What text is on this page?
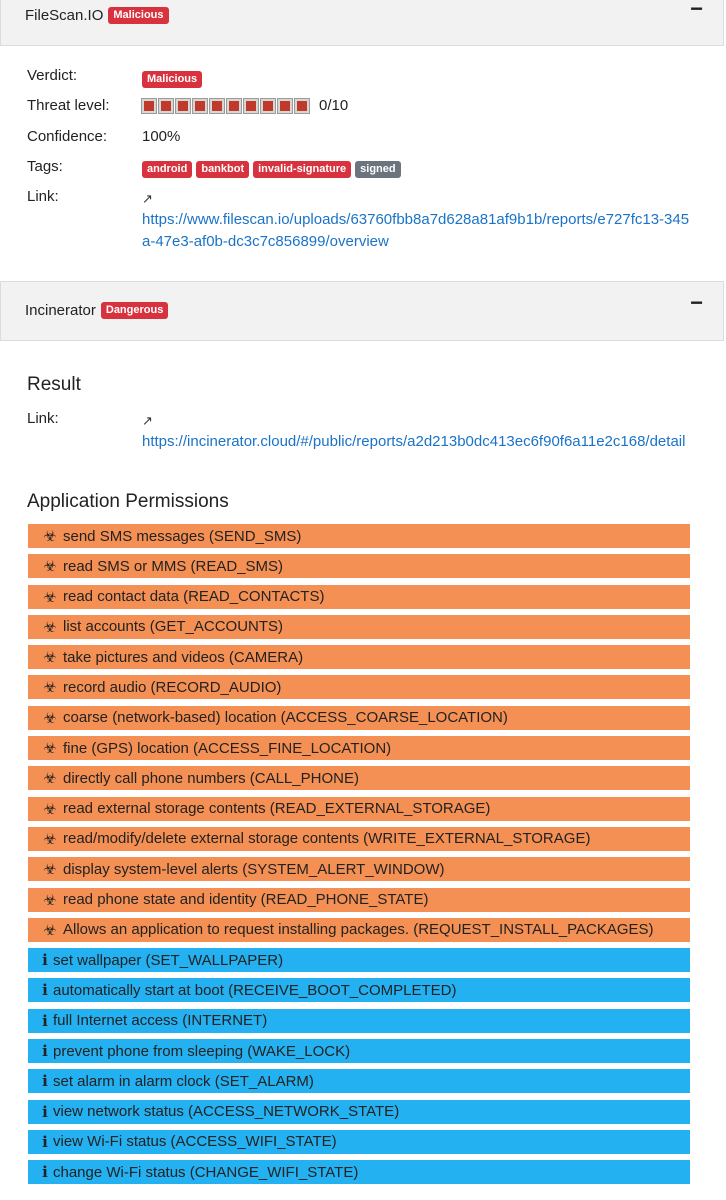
FileScan.IO Malicious	−
Verdict:	Malicious
Threat level:	0/10
Confidence: 100%
Tags:	android	bankbot	invalid-signature	signed
Link:	↗︎
https://www.filescan.io/uploads/63760fbb8a7d628a81af9b1b/reports/e727fc13-345a-47e3-af0b-dc3c7c856899/overview
Incinerator Dangerous	−
Result
Link:	↗︎
https://incinerator.cloud/#/public/reports/a2d213b0dc413ec6f90f6a11e2c168/detail
Application Permissions
☣ send SMS messages (SEND_SMS)
☣ read SMS or MMS (READ_SMS)
☣ read contact data (READ_CONTACTS)
☣ list accounts (GET_ACCOUNTS)
☣ take pictures and videos (CAMERA)
☣ record audio (RECORD_AUDIO)
☣ coarse (network-based) location (ACCESS_COARSE_LOCATION)
☣ fine (GPS) location (ACCESS_FINE_LOCATION)
☣ directly call phone numbers (CALL_PHONE)
☣ read external storage contents (READ_EXTERNAL_STORAGE)
☣ read/modify/delete external storage contents (WRITE_EXTERNAL_STORAGE)
☣ display system-level alerts (SYSTEM_ALERT_WINDOW)
☣ read phone state and identity (READ_PHONE_STATE)
☣ Allows an application to request installing packages. (REQUEST_INSTALL_PACKAGES)
i set wallpaper (SET_WALLPAPER)
i automatically start at boot (RECEIVE_BOOT_COMPLETED)
i full Internet access (INTERNET)
i prevent phone from sleeping (WAKE_LOCK)
i set alarm in alarm clock (SET_ALARM)
i view network status (ACCESS_NETWORK_STATE)
i view Wi-Fi status (ACCESS_WIFI_STATE)
i change Wi-Fi status (CHANGE_WIFI_STATE)
